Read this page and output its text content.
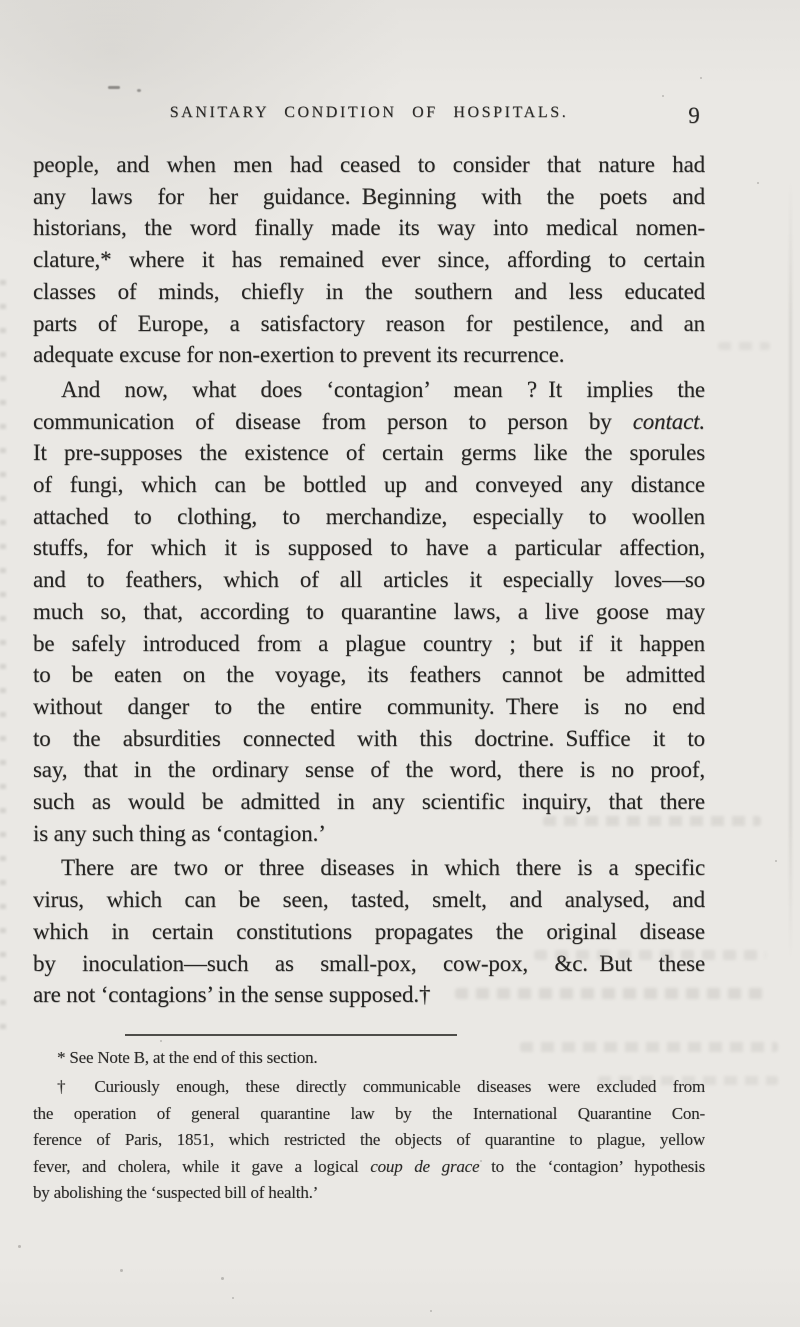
SANITARY CONDITION OF HOSPITALS.	9
people, and when men had ceased to consider that nature had
any laws for her guidance. Beginning with the poets and
historians, the word finally made its way into medical nomen-
clature,* where it has remained ever since, affording to certain
classes of minds, chiefly in the southern and less educated
parts of Europe, a satisfactory reason for pestilence, and an
adequate excuse for non-exertion to prevent its recurrence.
And now, what does ‘contagion’ mean ? It implies the
communication of disease from person to person by contact.
It pre-supposes the existence of certain germs like the sporules
of fungi, which can be bottled up and conveyed any distance
attached to clothing, to merchandize, especially to woollen
stuffs, for which it is supposed to have a particular affection,
and to feathers, which of all articles it especially loves—so
much so, that, according to quarantine laws, a live goose may
be safely introduced from a plague country ; but if it happen
to be eaten on the voyage, its feathers cannot be admitted
without danger to the entire community. There is no end
to the absurdities connected with this doctrine. Suffice it to
say, that in the ordinary sense of the word, there is no proof,
such as would be admitted in any scientific inquiry, that there
is any such thing as ‘contagion.’
There are two or three diseases in which there is a specific
virus, which can be seen, tasted, smelt, and analysed, and
which in certain constitutions propagates the original disease
by inoculation—such as small-pox, cow-pox, &c. But these
are not ‘contagions’ in the sense supposed.†
* See Note B, at the end of this section.
† Curiously enough, these directly communicable diseases were excluded from
the operation of general quarantine law by the International Quarantine Con-
ference of Paris, 1851, which restricted the objects of quarantine to plague, yellow
fever, and cholera, while it gave a logical coup de grace to the ‘contagion’ hypothesis
by abolishing the ‘suspected bill of health.’
